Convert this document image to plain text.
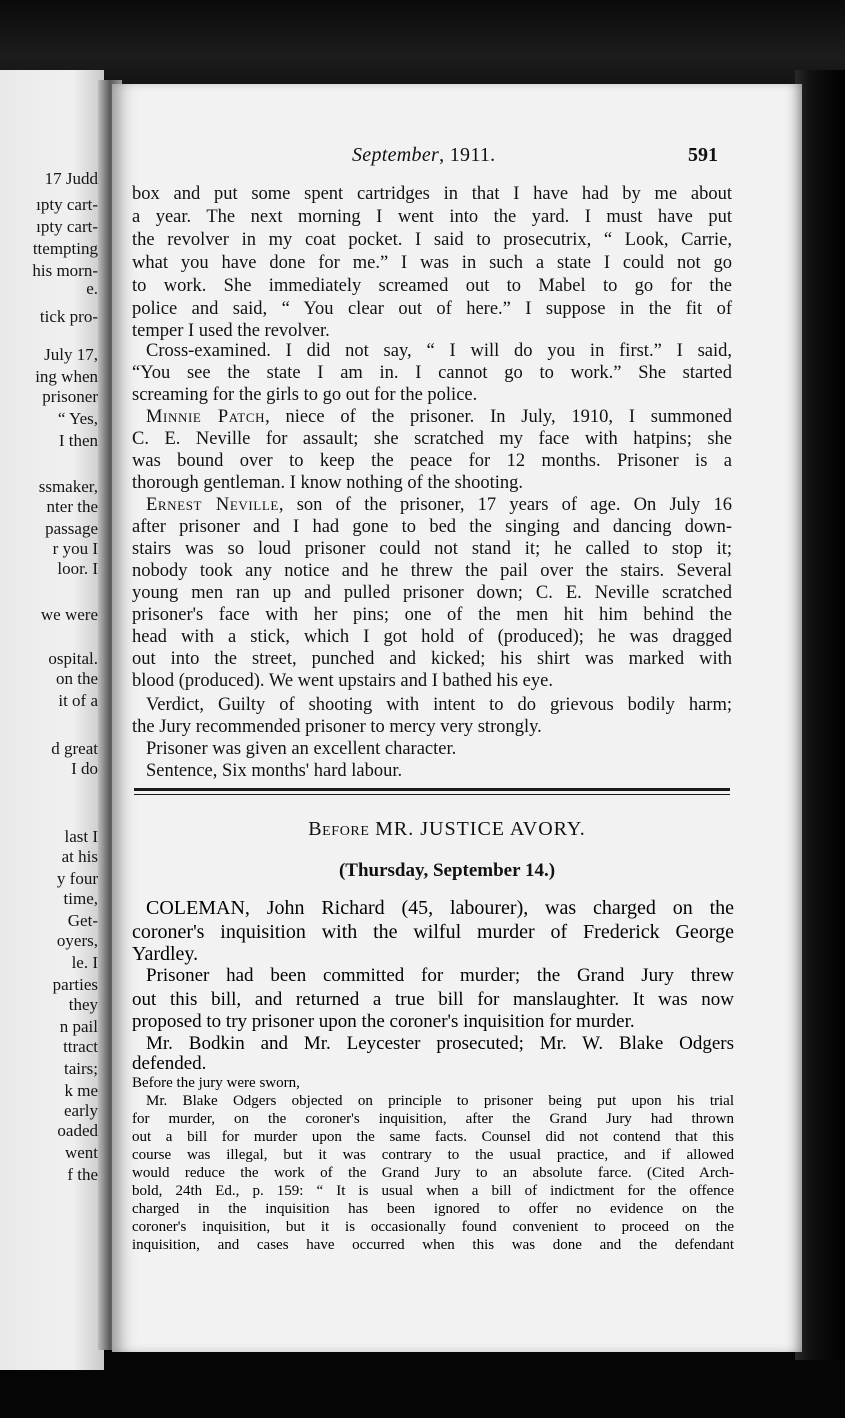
17 Judd
ıpty cart-
ıpty cart-
ttempting
his morn-
e.
tick pro-
July 17,
ing when
prisoner
“ Yes,
I then
ssmaker,
nter the
passage
r you I
loor. I
we were
ospital.
on the
it of a
d great
I do
last I
at his
y four
time,
Get-
oyers,
le. I
parties
they
n pail
ttract
tairs;
k me
early
oaded
went
f the
September, 1911.	591
box and put some spent cartridges in that I have had by me about
a year. The next morning I went into the yard. I must have put
the revolver in my coat pocket. I said to prosecutrix, “ Look, Carrie,
what you have done for me.” I was in such a state I could not go
to work. She immediately screamed out to Mabel to go for the
police and said, “ You clear out of here.” I suppose in the fit of
temper I used the revolver.
Cross-examined. I did not say, “ I will do you in first.” I said,
“You see the state I am in. I cannot go to work.” She started
screaming for the girls to go out for the police.
Minnie Patch, niece of the prisoner. In July, 1910, I summoned
C. E. Neville for assault; she scratched my face with hatpins; she
was bound over to keep the peace for 12 months. Prisoner is a
thorough gentleman. I know nothing of the shooting.
Ernest Neville, son of the prisoner, 17 years of age. On July 16
after prisoner and I had gone to bed the singing and dancing down-
stairs was so loud prisoner could not stand it; he called to stop it;
nobody took any notice and he threw the pail over the stairs. Several
young men ran up and pulled prisoner down; C. E. Neville scratched
prisoner's face with her pins; one of the men hit him behind the
head with a stick, which I got hold of (produced); he was dragged
out into the street, punched and kicked; his shirt was marked with
blood (produced). We went upstairs and I bathed his eye.
Verdict, Guilty of shooting with intent to do grievous bodily harm;
the Jury recommended prisoner to mercy very strongly.
Prisoner was given an excellent character.
Sentence, Six months' hard labour.
Before MR. JUSTICE AVORY.
(Thursday, September 14.)
COLEMAN, John Richard (45, labourer), was charged on the
coroner's inquisition with the wilful murder of Frederick George
Yardley.
Prisoner had been committed for murder; the Grand Jury threw
out this bill, and returned a true bill for manslaughter. It was now
proposed to try prisoner upon the coroner's inquisition for murder.
Mr. Bodkin and Mr. Leycester prosecuted; Mr. W. Blake Odgers
defended.
Before the jury were sworn,
Mr. Blake Odgers objected on principle to prisoner being put upon his trial
for murder, on the coroner's inquisition, after the Grand Jury had thrown
out a bill for murder upon the same facts. Counsel did not contend that this
course was illegal, but it was contrary to the usual practice, and if allowed
would reduce the work of the Grand Jury to an absolute farce. (Cited Arch-
bold, 24th Ed., p. 159: “ It is usual when a bill of indictment for the offence
charged in the inquisition has been ignored to offer no evidence on the
coroner's inquisition, but it is occasionally found convenient to proceed on the
inquisition, and cases have occurred when this was done and the defendant
